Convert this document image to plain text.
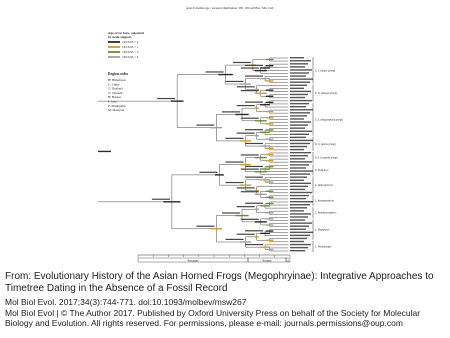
node #: median age / ancestral distribution / HL / ID LANNA / MG CAT
Age error bars, coloured
by node support
≥95/0.95 × 2
≥95/0.95 × 1
≥95/0.95 × 3
≥95/0.95 × 4
Region codes
H: Himalayas
C: China
T: Thailand
V: Vietnam
B: Borneo
J: Java
P: Philippines
M: Malaysia
X. T. (major group)
X. K. (lekagul group)
X. T. (megacephala group)
X. G. (parva group)
X. S. (carpenti group)
X. Pumphrys
L. Ophryophryne
L. Atympanophrys
L. Brachytarsophrys
L. Megophrys
L. Pelobatoides
Paleogene	Neogene	Q

From: Evolutionary History of the Asian Horned Frogs (Megophryinae): Integrative Approaches to Timetree Dating in the Absence of a Fossil Record

Mol Biol Evol. 2017;34(3):744-771. doi:10.1093/molbev/msw267
Mol Biol Evol | © The Author 2017. Published by Oxford University Press on behalf of the Society for Molecular Biology and Evolution. All rights reserved. For permissions, please e-mail: journals.permissions@oup.com
